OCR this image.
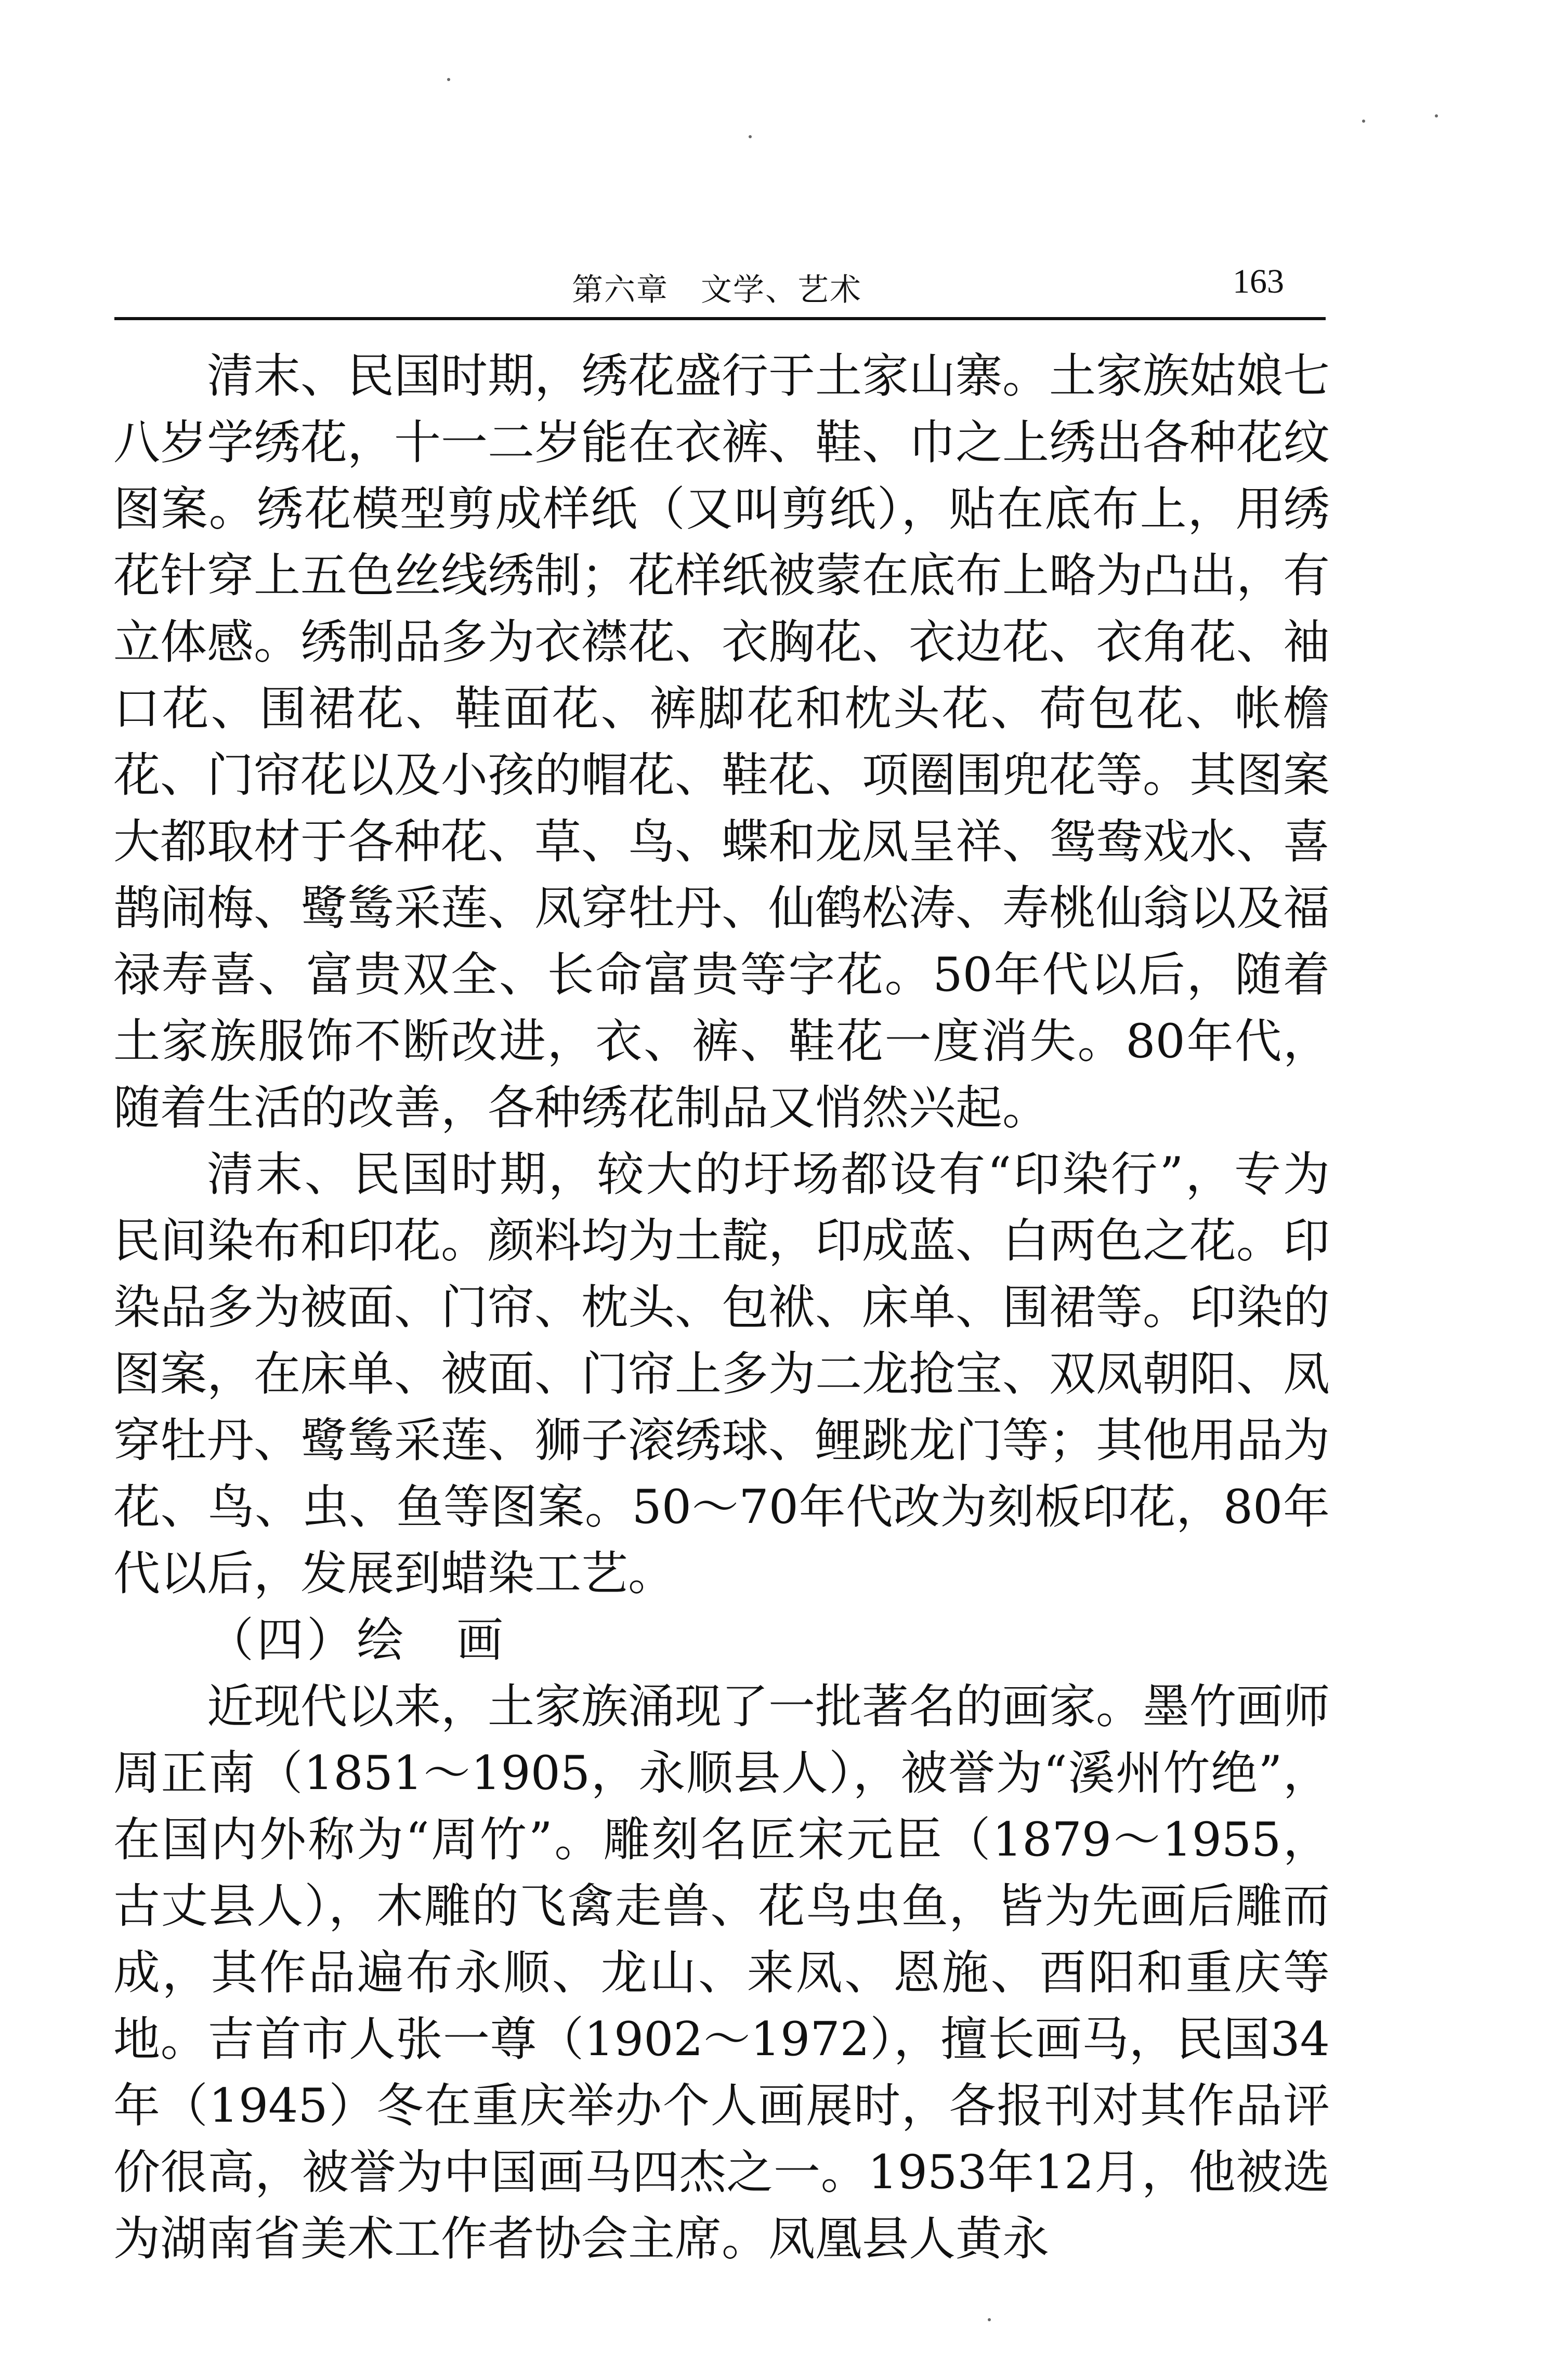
第六章　文学、艺术	163

清末、民国时期，绣花盛行于土家山寨。土家族姑娘七八岁学绣花，十一二岁能在衣裤、鞋、巾之上绣出各种花纹图案。绣花模型剪成样纸（又叫剪纸），贴在底布上，用绣花针穿上五色丝线绣制；花样纸被蒙在底布上略为凸出，有立体感。绣制品多为衣襟花、衣胸花、衣边花、衣角花、袖口花、围裙花、鞋面花、裤脚花和枕头花、荷包花、帐檐花、门帘花以及小孩的帽花、鞋花、项圈围兜花等。其图案大都取材于各种花、草、鸟、蝶和龙凤呈祥、鸳鸯戏水、喜鹊闹梅、鹭鸶采莲、凤穿牡丹、仙鹤松涛、寿桃仙翁以及福禄寿喜、富贵双全、长命富贵等字花。50年代以后，随着土家族服饰不断改进，衣、裤、鞋花一度消失。80年代，随着生活的改善，各种绣花制品又悄然兴起。

清末、民国时期，较大的圩场都设有“印染行”，专为民间染布和印花。颜料均为土靛，印成蓝、白两色之花。印染品多为被面、门帘、枕头、包袱、床单、围裙等。印染的图案，在床单、被面、门帘上多为二龙抢宝、双凤朝阳、凤穿牡丹、鹭鸶采莲、狮子滚绣球、鲤跳龙门等；其他用品为花、鸟、虫、鱼等图案。50～70年代改为刻板印花，80年代以后，发展到蜡染工艺。

（四）绘　画

近现代以来，土家族涌现了一批著名的画家。墨竹画师周正南（1851～1905，永顺县人），被誉为“溪州竹绝”，在国内外称为“周竹”。雕刻名匠宋元臣（1879～1955，古丈县人），木雕的飞禽走兽、花鸟虫鱼，皆为先画后雕而成，其作品遍布永顺、龙山、来凤、恩施、酉阳和重庆等地。吉首市人张一尊（1902～1972），擅长画马，民国34年（1945）冬在重庆举办个人画展时，各报刊对其作品评价很高，被誉为中国画马四杰之一。1953年12月，他被选为湖南省美术工作者协会主席。凤凰县人黄永
